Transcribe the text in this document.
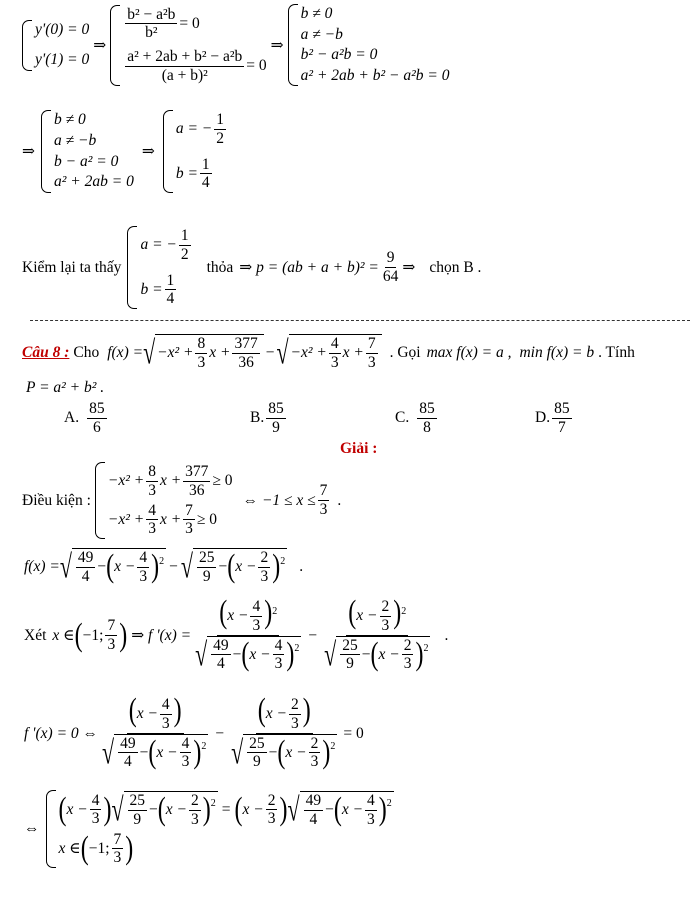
y'(0) = 0
y'(1) = 0
⇒
$\frac{\text{b² − a²b}}{\text{b²}} = 0$
$\frac{\text{a² + 2ab + b² − a²b}}{\text{(a + b)²}} = 0$
⇒
b ≠ 0
a ≠ −b
b² − a²b = 0
a² + 2ab + b² − a²b = 0
⇒
b ≠ 0
a ≠ −b
b − a² = 0
a² + 2ab = 0
⇒
a = − $\frac{1}{2}$
$b = \frac{1}{4}$
Kiểm lại ta thấy
a = − $\frac{1}{2}$
$b = \frac{1}{4}$
thỏa ⇒ $p = (ab + a + b)^2 = \frac{9}{64}$ ⇒ chọn B .
Câu 8 : Cho f(x) = √ $-x^2 + \frac{8}{3}$ $x + \frac{377}{36}$ − √ $-x^2 + \frac{4}{3}$ $x + \frac{7}{3}$ . Gọi max f(x) = a , min f(x) = b . Tính
P = a² + b² .
A.
85
6
B.
85
9
C.
85
8
D.
85
7
Giải :
Điều kiện :
$-x^2 + \frac{8}{3}$ $x + \frac{377}{36} \ge 0$
$-x^2 + \frac{4}{3}$ $x + \frac{7}{3} \ge 0$
⇔ $-1 \le x \le \frac{7}{3}$ .
f(x) = √ 49
4
− ( $x - \frac{4}{3}$ ) 2 − √ 25
9
− ( $x - \frac{2}{3}$ ) 2 .
Xét x ∈ ( −1;
7
3 ) ⇒ f '$(x) = (x - \frac{4}{3} )^2$
√ 49
4
− ( $x - \frac{4}{3}$ ) $2 - (x - \frac{2}{3} )^2$
√ 25
9
− ( $x - \frac{2}{3}$ ) 2 .
f '(x) = 0 ⇔
($x - \frac{4}{3}$ )
√ 49
4
− ( $x - \frac{4}{3}$ ) 2
− ($x - \frac{2}{3}$ )
√ 25
9
− ( $x - \frac{2}{3}$ ) 2 = 0
⇔
( $x - \frac{4}{3}$ ) √ 25
9
− ( $x - \frac{2}{3}$ ) 2 = ( $x - \frac{2}{3}$ ) √ 49
4
− ( $x - \frac{4}{3}$ ) 2
x ∈ ( −1;
7
3 )
